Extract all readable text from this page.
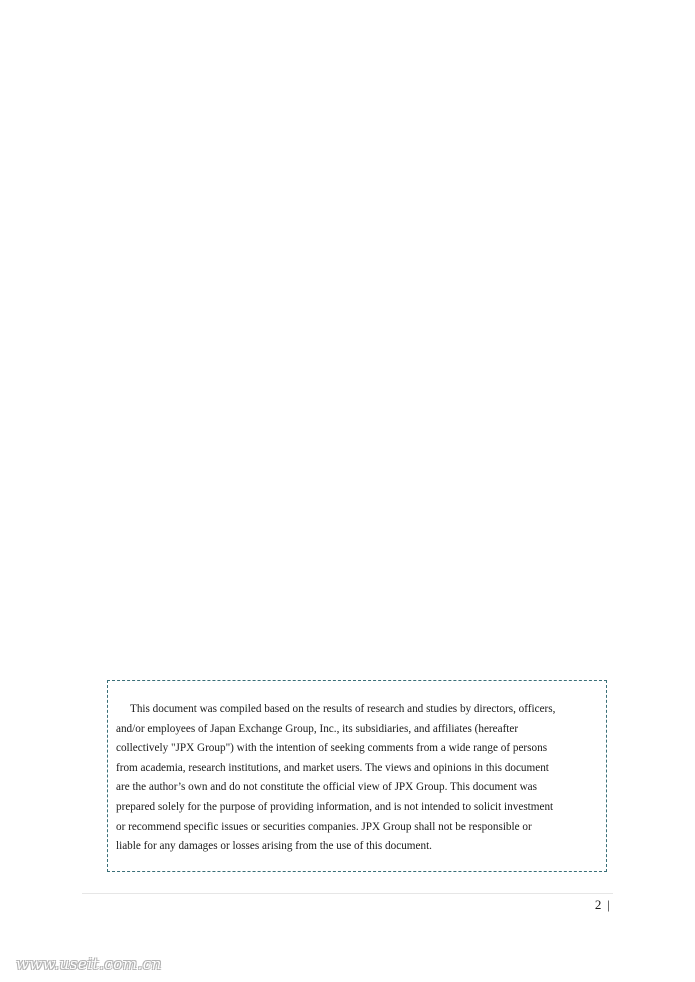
This document was compiled based on the results of research and studies by directors, officers,
and/or employees of Japan Exchange Group, Inc., its subsidiaries, and affiliates (hereafter
collectively "JPX Group") with the intention of seeking comments from a wide range of persons
from academia, research institutions, and market users. The views and opinions in this document
are the author’s own and do not constitute the official view of JPX Group. This document was
prepared solely for the purpose of providing information, and is not intended to solicit investment
or recommend specific issues or securities companies. JPX Group shall not be responsible or
liable for any damages or losses arising from the use of this document.

2 |
www.useit.com.cn
